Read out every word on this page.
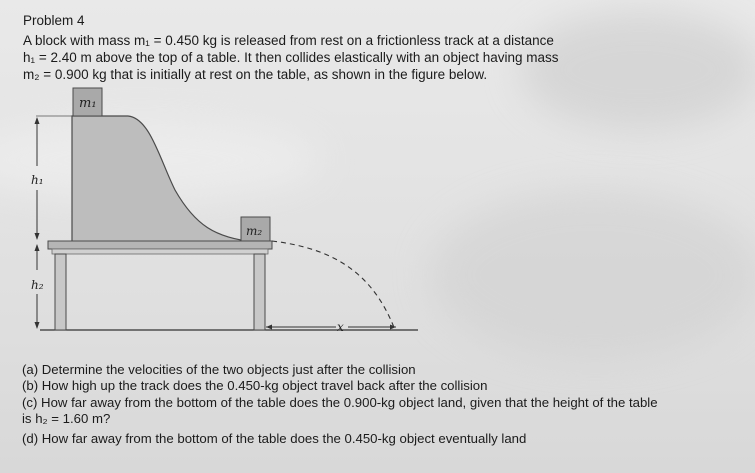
Problem 4
A block with mass m₁ = 0.450 kg is released from rest on a frictionless track at a distance
h₁ = 2.40 m above the top of a table. It then collides elastically with an object having mass
m₂ = 0.900 kg that is initially at rest on the table, as shown in the figure below.
m₁
m₂
x
h₁
h₂
(a) Determine the velocities of the two objects just after the collision
(b) How high up the track does the 0.450-kg object travel back after the collision
(c) How far away from the bottom of the table does the 0.900-kg object land, given that the height of the table
is h₂ = 1.60 m?
(d) How far away from the bottom of the table does the 0.450-kg object eventually land
